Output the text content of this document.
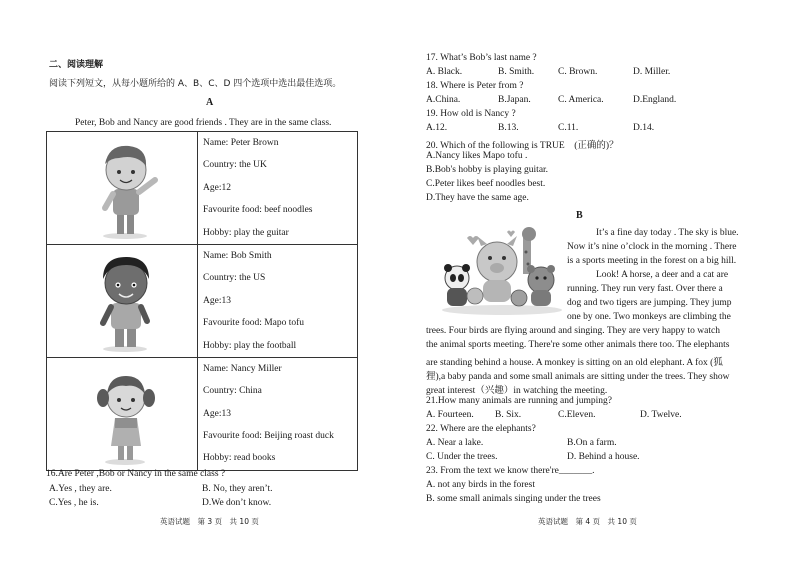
二、阅读理解
阅读下列短文，从每小题所给的 A、B、C、D 四个选项中选出最佳选项。
A
Peter, Bob and Nancy are good friends . They are in the same class.

Name: Peter Brown
Country: the UK
Age:12
Favourite food: beef noodles
Hobby: play the guitar

Name: Bob Smith
Country: the US
Age:13
Favourite food: Mapo tofu
Hobby: play the football

Name: Nancy Miller
Country: China
Age:13
Favourite food: Beijing roast duck
Hobby: read books
16.Are Peter ,Bob or Nancy in the same class ?
A.Yes , they are.	B. No, they aren’t.
C.Yes , he is.	D.We don’t know.
英语试题　第 3 页　共 10 页
17. What’s Bob’s last name ?
A. Black.	B. Smith.	C. Brown.	D. Miller.
18. Where is Peter from ?
A.China.	B.Japan.	C. America.	D.England.
19. How old is Nancy ?
A.12.	B.13.	C.11.	D.14.
20. Which of the following is TRUE　(正确的)？
A.Nancy likes Mapo tofu .
B.Bob's hobby is playing guitar.
C.Peter likes beef noodles best.
D.They have the same age.
B
It’s a fine day today . The sky is blue.
Now it’s nine o’clock in the morning . There
is a sports meeting in the forest on a big hill.
Look! A horse, a deer and a cat are
running. They run very fast. Over there a
dog and two tigers are jumping. They jump
one by one. Two monkeys are climbing the
trees. Four birds are flying around and singing. They are very happy to watch
the animal sports meeting. There're some other animals there too. The elephants
are standing behind a house. A monkey is sitting on an old elephant. A fox (狐
狸),a baby panda and some small animals are sitting under the trees. They show
great interest（兴趣）in watching the meeting.
21.How many animals are running and jumping?
A. Fourteen. B. Six.	C.Eleven.	D. Twelve.
22. Where are the elephants?
A. Near a lake.	B.On a farm.
C. Under the trees.	D. Behind a house.
23. From the text we know there're_______.
A. not any birds in the forest
B. some small animals singing under the trees
英语试题　第 4 页　共 10 页
